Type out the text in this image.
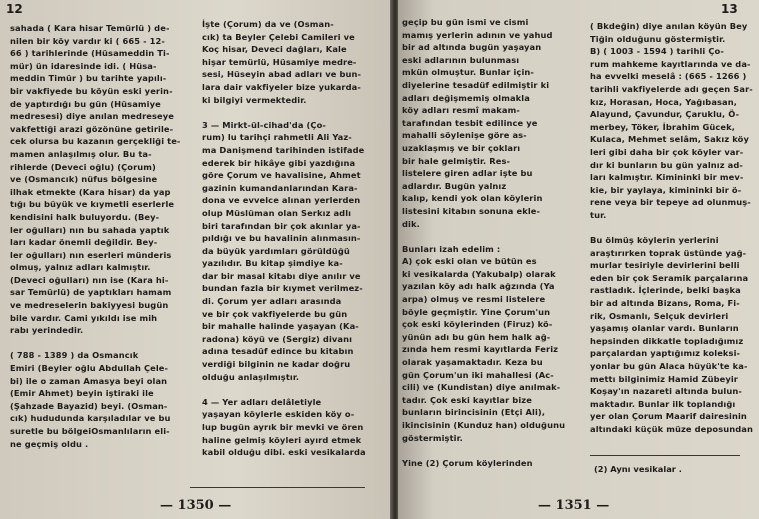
12
sahada ( Kara hisar Temürlü ) de-
nilen bir köy vardır ki ( 665 - 12-
66 ) tarihlerinde (Hüsameddin Ti-
mür) ün idaresinde idi. ( Hüsa-
meddin Timür ) bu tarihte yapılı-
bir vakfiyede bu köyün eski yerin-
de yaptırdığı bu gün (Hüsamiye
medresesi) diye anılan medreseye
vakfettiği arazi gözönüne getirile-
cek olursa bu kazanın gerçekliği te-
mamen anlaşılmış olur. Bu ta-
rihlerde (Deveci oğlu) (Çorum)
ve (Osmancık) nüfus bölgesine
ilhak etmekte (Kara hisar) da yap
tığı bu büyük ve kıymetli eserlerle
kendisini halk buluyordu. (Bey-
ler oğulları) nın bu sahada yaptık
ları kadar önemli değildir. Bey-
ler oğulları) nın eserleri münderis
olmuş, yalnız adları kalmıştır.
(Deveci oğulları) nın ise (Kara hi-
sar Temürlü) de yaptıkları hamam
ve medreselerin bakiyyesi bugün
bile vardır. Cami yıkıldı ise mih
rabı yerindedir.

( 788 - 1389 ) da Osmancık
Emiri (Beyler oğlu Abdullah Çele-
bi) ile o zaman Amasya beyi olan
(Emir Ahmet) beyin iştiraki ile
(Şahzade Bayazid) beyi. (Osman-
cık) hududunda karşıladılar ve bu
suretle bu bölgeiOsmanlıların eli-
ne geçmiş oldu .
İşte (Çorum) da ve (Osman-
cık) ta Beyler Çelebi Camileri ve
Koç hisar, Deveci dağları, Kale
hişar temürlü, Hüsamiye medre-
sesi, Hüseyin abad adları ve bun-
lara dair vakfiyeler bize yukarda-
ki bilgiyi vermektedir.

3 — Mirkt-ül-cihad'da (Ço-
rum) lu tarihçi rahmetli Ali Yaz-
ma Danişmend tarihinden istifade
ederek bir hikâye gibi yazdığına
göre Çorum ve havalisine, Ahmet
gazinin kumandanlarından Kara-
dona ve evvelce alınan yerlerden
olup Müslüman olan Serkız adlı
biri tarafından bir çok akınlar ya-
pıldığı ve bu havalinin alınmasın-
da büyük yardımları görüldüğü
yazılıdır. Bu kitap şimdiye ka-
dar bir masal kitabı diye anılır ve
bundan fazla bir kıymet verilmez-
di. Çorum yer adları arasında
ve bir çok vakfiyelerde bu gün
bir mahalle halinde yaşayan (Ka-
radona) köyü ve (Sergiz) divanı
adına tesadüf edince bu kitabın
verdiği bilginin ne kadar doğru
olduğu anlaşılmıştır.

4 — Yer adları delâletiyle
yaşayan köylerle eskiden köy o-
lup bugün ayrık bir mevki ve ören
haline gelmiş köyleri ayırd etmek
kabil olduğu dibi. eski vesikalarda
— 1350 —
13
geçip bu gün ismi ve cismi
mamış yerlerin adının ve yahud
bir ad altında bugün yaşayan
eski adlarının bulunması
mkün olmuştur. Bunlar için-
diyelerine tesadüf edilmiştir ki
adları değişmemiş olmakla
köy adları resmî makam-
tarafından tesbit edilince ye
mahalli söylenişe göre as-
uzaklaşmış ve bir çokları
bir hale gelmiştir. Res-
listelere giren adlar işte bu
adlardır. Bugün yalnız
kalıp, kendi yok olan köylerin
listesini kitabın sonuna ekle-
dik.

Bunları izah edelim :
A) çok eski olan ve bütün es
ki vesikalarda (Yakubalp) olarak
yazılan köy adı halk ağzında (Ya
arpa) olmuş ve resmi listelere
böyle geçmiştir. Yine Çorum'un
çok eski köylerinden (Firuz) kö-
yünün adı bu gün hem halk ağ-
zında hem resmi kayıtlarda Feriz
olarak yaşamaktadır. Keza bu
gün Çorum'un iki mahallesi (Ac-
cili) ve (Kundistan) diye anılmak-
tadır. Çok eski kayıtlar bize
bunların birincisinin (Etçi Ali),
ikincisinin (Kunduz han) olduğunu
göstermiştir.

Yine (2) Çorum köylerinden
( Bkdeğin) diye anılan köyün Bey
Tiğin olduğunu göstermiştir.
B) ( 1003 - 1594 ) tarihli Ço-
rum mahkeme kayıtlarında ve da-
ha evvelki meselâ : (665 - 1266 )
tarihli vakfiyelerde adı geçen Sar-
kız, Horasan, Hoca, Yağıbasan,
Alayund, Çavundur, Çaruklu, Ö-
merbey, Töker, İbrahim Gücek,
Kulaca, Mehmet selâm, Sakız köy
leri gibi daha bir çok köyler var-
dır ki bunların bu gün yalnız ad-
ları kalmıştır. Kimininki bir mev-
kie, bir yaylaya, kimininki bir ö-
rene veya bir tepeye ad olunmuş-
tur.

Bu ölmüş köylerin yerlerini
araştırırken toprak üstünde yağ-
murlar tesiriyle devirlerini belli
eden bir çok Seramik parçalarına
rastladık. İçlerinde, belki başka
bir ad altında Bizans, Roma, Fi-
rik, Osmanlı, Selçuk devirleri
yaşamış olanlar vardı. Bunların
hepsinden dikkatle topladığımız
parçalardan yaptığımız koleksi-
yonlar bu gün Alaca hüyük'te ka-
mettı bilginimiz Hamid Zübeyir
Koşay'ın nazareti altında bulun-
maktadır. Bunlar ilk toplandığı
yer olan Çorum Maarif dairesinin
altındaki küçük müze deposundan
(2) Aynı vesikalar .
— 1351 —
